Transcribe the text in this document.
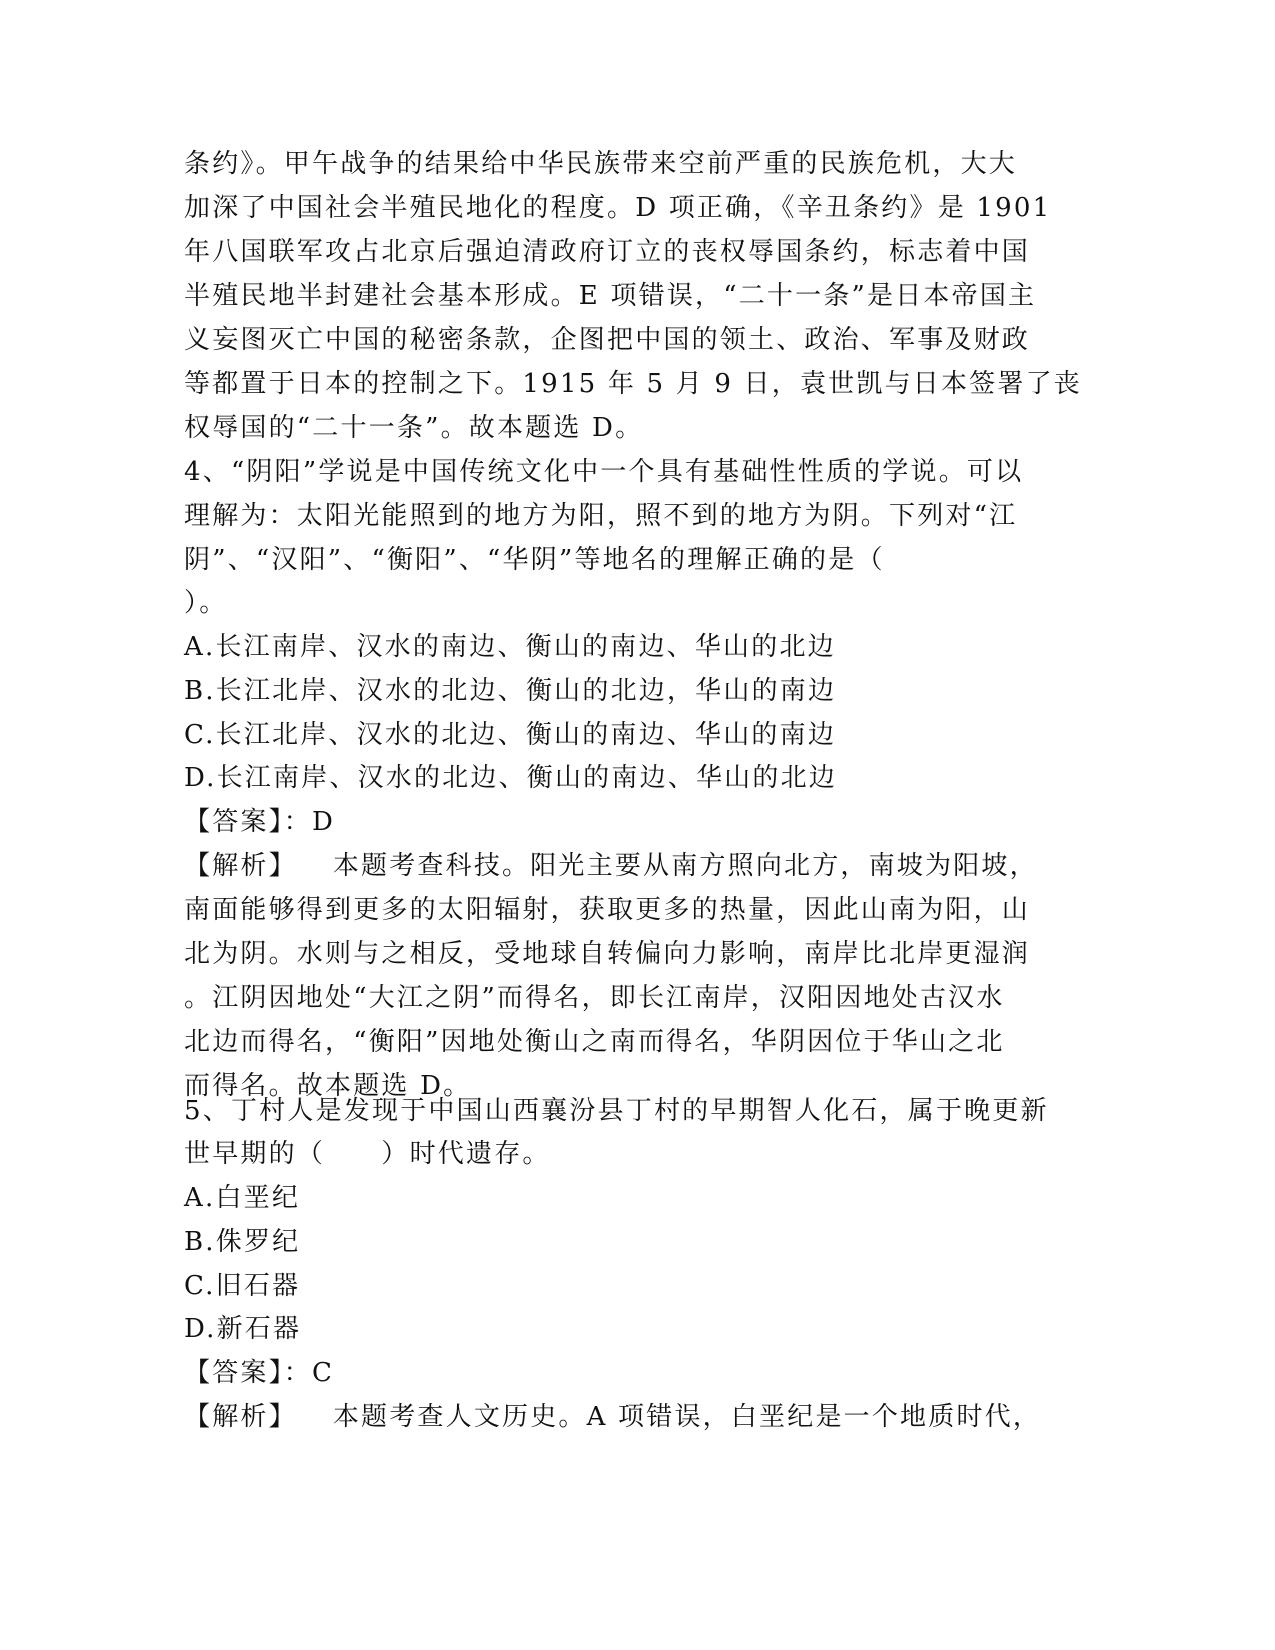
条约》。甲午战争的结果给中华民族带来空前严重的民族危机，大大
加深了中国社会半殖民地化的程度。D 项正确，《辛丑条约》是 1901
年八国联军攻占北京后强迫清政府订立的丧权辱国条约，标志着中国
半殖民地半封建社会基本形成。E 项错误，“二十一条”是日本帝国主
义妄图灭亡中国的秘密条款，企图把中国的领土、政治、军事及财政
等都置于日本的控制之下。1915 年 5 月 9 日，袁世凯与日本签署了丧
权辱国的“二十一条”。故本题选 D。
4、“阴阳”学说是中国传统文化中一个具有基础性性质的学说。可以
理解为：太阳光能照到的地方为阳，照不到的地方为阴。下列对“江
阴”、“汉阳”、“衡阳”、“华阴”等地名的理解正确的是（
）。
A.长江南岸、汉水的南边、衡山的南边、华山的北边
B.长江北岸、汉水的北边、衡山的北边，华山的南边
C.长江北岸、汉水的北边、衡山的南边、华山的南边
D.长江南岸、汉水的北边、衡山的南边、华山的北边
【答案】：D
【解析】 本题考查科技。阳光主要从南方照向北方，南坡为阳坡，
南面能够得到更多的太阳辐射，获取更多的热量，因此山南为阳，山
北为阴。水则与之相反，受地球自转偏向力影响，南岸比北岸更湿润
。江阴因地处“大江之阴”而得名，即长江南岸，汉阳因地处古汉水
北边而得名，“衡阳”因地处衡山之南而得名，华阴因位于华山之北
而得名。故本题选 D。
5、丁村人是发现于中国山西襄汾县丁村的早期智人化石，属于晚更新
世早期的（　　）时代遗存。
A.白垩纪
B.侏罗纪
C.旧石器
D.新石器
【答案】：C
【解析】 本题考查人文历史。A 项错误，白垩纪是一个地质时代，
